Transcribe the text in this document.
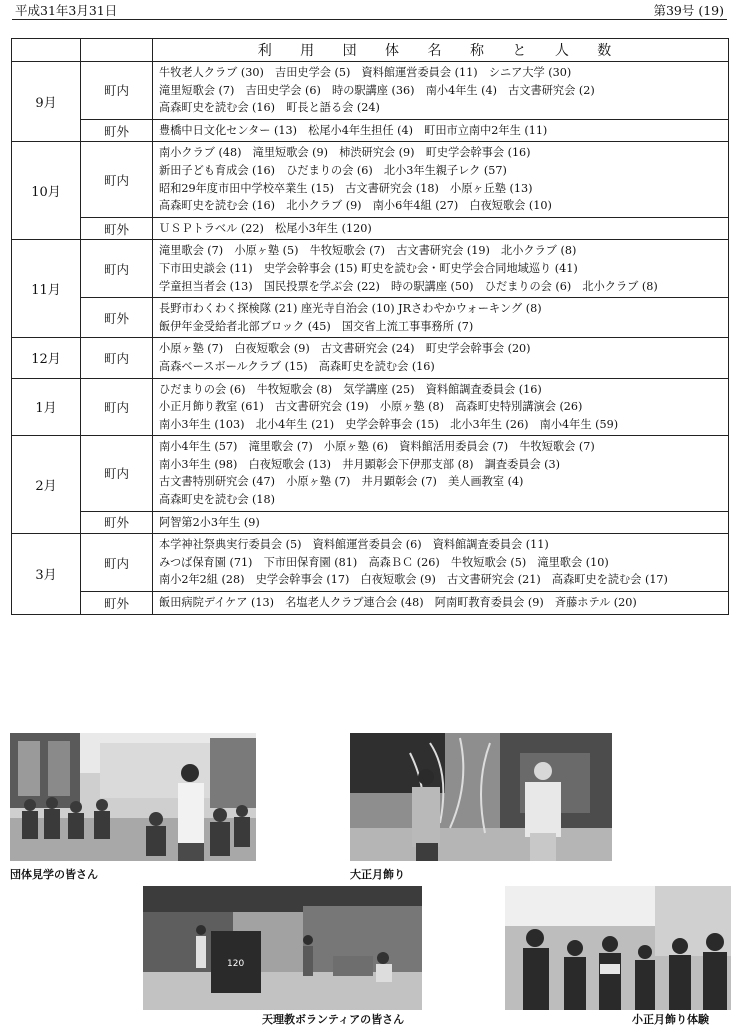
平成31年3月31日	第39号 (19)
		利 用 団 体 名 称 と 人 数
9月	町内	牛牧老人クラブ (30)　吉田史学会 (5)　資料館運営委員会 (11)　シニア大学 (30)
滝里短歌会 (7)　吉田史学会 (6)　時の駅講座 (36)　南小4年生 (4)　古文書研究会 (2)
高森町史を読む会 (16)　町長と語る会 (24)

	町外	豊橋中日文化センター (13)　松尾小4年生担任 (4)　町田市立南中2年生 (11)

10月	町内	南小クラブ (48)　滝里短歌会 (9)　柿渋研究会 (9)　町史学会幹事会 (16)
新田子ども育成会 (16)　ひだまりの会 (6)　北小3年生親子レク (57)
昭和29年度市田中学校卒業生 (15)　古文書研究会 (18)　小原ヶ丘塾 (13)
高森町史を読む会 (16)　北小クラブ (9)　南小6年4組 (27)　白夜短歌会 (10)

	町外	ＵＳＰトラベル (22)　松尾小3年生 (120)

11月	町内	滝里歌会 (7)　小原ヶ塾 (5)　牛牧短歌会 (7)　古文書研究会 (19)　北小クラブ (8)
下市田史談会 (11)　史学会幹事会 (15) 町史を読む会・町史学会合同地域巡り (41)
学童担当者会 (13)　国民投票を学ぶ会 (22)　時の駅講座 (50)　ひだまりの会 (6)　北小クラブ (8)

	町外	長野市わくわく探検隊 (21) 座光寺自治会 (10) JRさわやかウォーキング (8)
飯伊年金受給者北部ブロック (45)　国交省上流工事事務所 (7)

12月	町内	小原ヶ塾 (7)　白夜短歌会 (9)　古文書研究会 (24)　町史学会幹事会 (20)
高森ベースボールクラブ (15)　高森町史を読む会 (16)

1月	町内	ひだまりの会 (6)　牛牧短歌会 (8)　気学講座 (25)　資料館調査委員会 (16)
小正月飾り教室 (61)　古文書研究会 (19)　小原ヶ塾 (8)　高森町史特別講演会 (26)
南小3年生 (103)　北小4年生 (21)　史学会幹事会 (15)　北小3年生 (26)　南小4年生 (59)

2月	町内	南小4年生 (57)　滝里歌会 (7)　小原ヶ塾 (6)　資料館活用委員会 (7)　牛牧短歌会 (7)
南小3年生 (98)　白夜短歌会 (13)　井月顕彰会下伊那支部 (8)　調査委員会 (3)
古文書特別研究会 (47)　小原ヶ塾 (7)　井月顕彰会 (7)　美人画教室 (4)
高森町史を読む会 (18)

	町外	阿智第2小3年生 (9)

3月	町内	本学神社祭典実行委員会 (5)　資料館運営委員会 (6)　資料館調査委員会 (11)
みつば保育園 (71)　下市田保育園 (81)　高森ＢＣ (26)　牛牧短歌会 (5)　滝里歌会 (10)
南小2年2組 (28)　史学会幹事会 (17)　白夜短歌会 (9)　古文書研究会 (21)　高森町史を読む会 (17)

	町外	飯田病院デイケア (13)　名塩老人クラブ連合会 (48)　阿南町教育委員会 (9)　斉藤ホテル (20)
団体見学の皆さん	大正月飾り
120
天理教ボランティアの皆さん	小正月飾り体験
